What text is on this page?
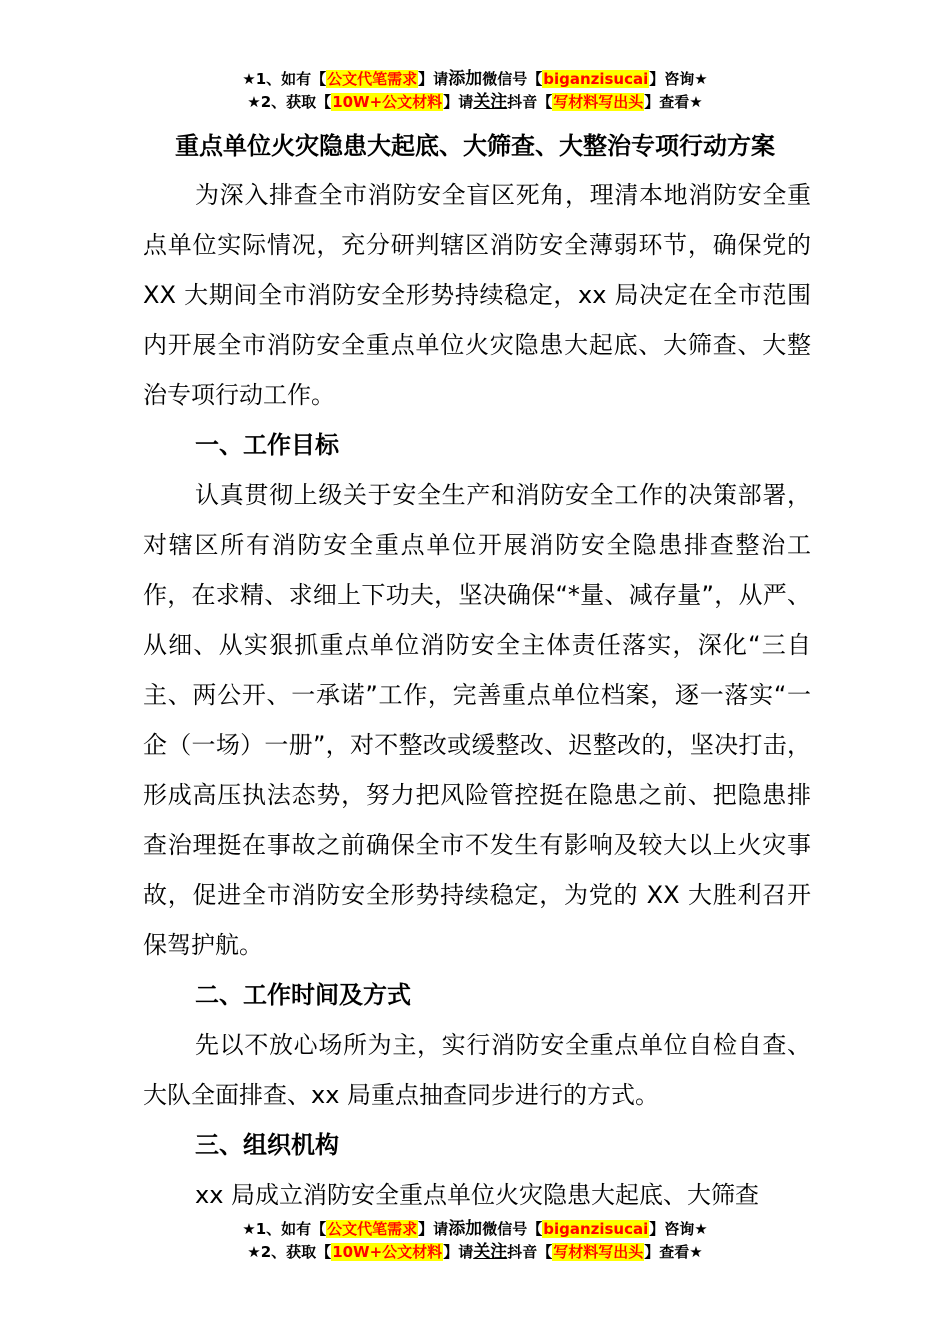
★1、如有【公文代笔需求】请添加微信号【biganzisucai】咨询★
★2、获取【10W+公文材料】请关注抖音【写材料写出头】查看★
重点单位火灾隐患大起底、大筛查、大整治专项行动方案

为深入排查全市消防安全盲区死角，理清本地消防安全重点单位实际情况，充分研判辖区消防安全薄弱环节，确保党的 XX 大期间全市消防安全形势持续稳定，xx 局决定在全市范围内开展全市消防安全重点单位火灾隐患大起底、大筛查、大整治专项行动工作。

一、工作目标

认真贯彻上级关于安全生产和消防安全工作的决策部署，对辖区所有消防安全重点单位开展消防安全隐患排查整治工作，在求精、求细上下功夫，坚决确保“*量、减存量”，从严、从细、从实狠抓重点单位消防安全主体责任落实，深化“三自主、两公开、一承诺”工作，完善重点单位档案，逐一落实“一企（一场）一册”，对不整改或缓整改、迟整改的，坚决打击，形成高压执法态势，努力把风险管控挺在隐患之前、把隐患排查治理挺在事故之前确保全市不发生有影响及较大以上火灾事故，促进全市消防安全形势持续稳定，为党的 XX 大胜利召开保驾护航。

二、工作时间及方式

先以不放心场所为主，实行消防安全重点单位自检自查、大队全面排查、xx 局重点抽查同步进行的方式。

三、组织机构

xx 局成立消防安全重点单位火灾隐患大起底、大筛查

★1、如有【公文代笔需求】请添加微信号【biganzisucai】咨询★
★2、获取【10W+公文材料】请关注抖音【写材料写出头】查看★
